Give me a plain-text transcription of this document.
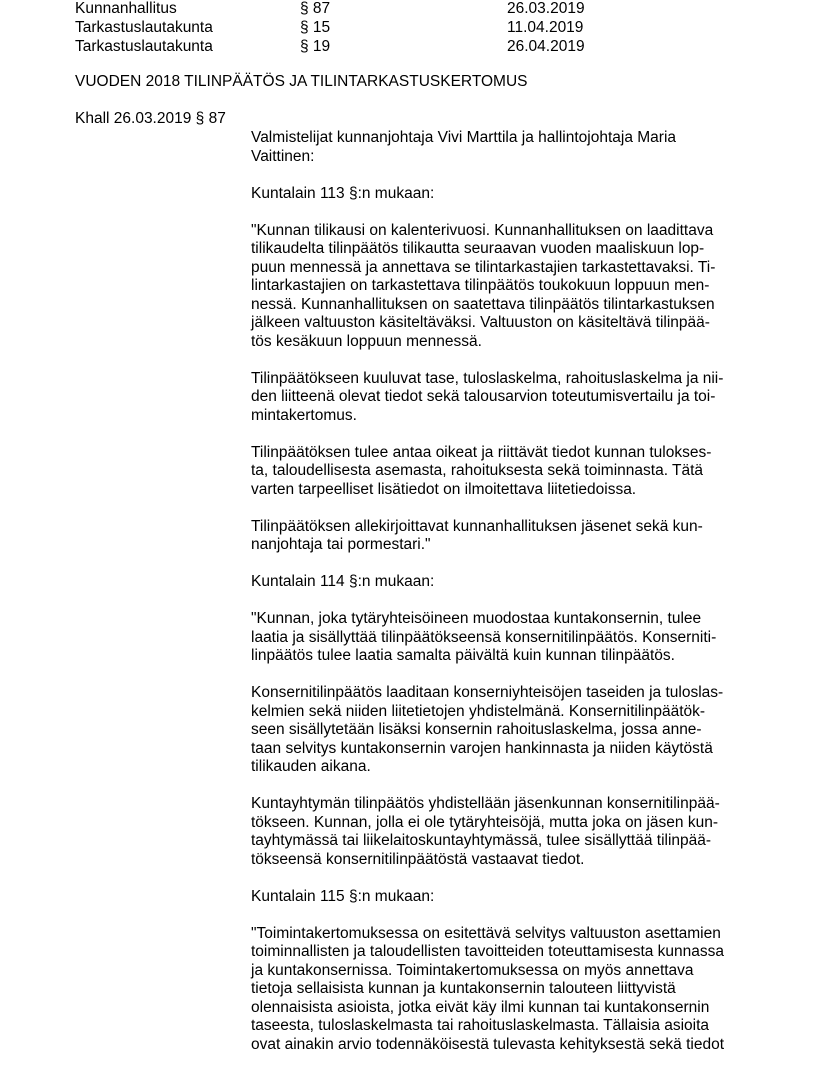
Kunnanhallitus	§ 87	26.03.2019
Tarkastuslautakunta	§ 15	11.04.2019
Tarkastuslautakunta	§ 19	26.04.2019
VUODEN 2018 TILINPÄÄTÖS JA TILINTARKASTUSKERTOMUS
Khall 26.03.2019 § 87
Valmistelijat kunnanjohtaja Vivi Marttila ja hallintojohtaja Maria
Vaittinen:
Kuntalain 113 §:n mukaan:
"Kunnan tilikausi on kalenterivuosi. Kunnanhallituksen on laadittava
tilikaudelta tilinpäätös tilikautta seuraavan vuoden maaliskuun lop-
puun mennessä ja annettava se tilintarkastajien tarkastettavaksi. Ti-
lintarkastajien on tarkastettava tilinpäätös toukokuun loppuun men-
nessä. Kunnanhallituksen on saatettava tilinpäätös tilintarkastuksen
jälkeen valtuuston käsiteltäväksi. Valtuuston on käsiteltävä tilinpää-
tös kesäkuun loppuun mennessä.
Tilinpäätökseen kuuluvat tase, tuloslaskelma, rahoituslaskelma ja nii-
den liitteenä olevat tiedot sekä talousarvion toteutumisvertailu ja toi-
mintakertomus.
Tilinpäätöksen tulee antaa oikeat ja riittävät tiedot kunnan tulokses-
ta, taloudellisesta asemasta, rahoituksesta sekä toiminnasta. Tätä
varten tarpeelliset lisätiedot on ilmoitettava liitetiedoissa.
Tilinpäätöksen allekirjoittavat kunnanhallituksen jäsenet sekä kun-
nanjohtaja tai pormestari."
Kuntalain 114 §:n mukaan:
"Kunnan, joka tytäryhteisöineen muodostaa kuntakonsernin, tulee
laatia ja sisällyttää tilinpäätökseensä konsernitilinpäätös. Konserniti-
linpäätös tulee laatia samalta päivältä kuin kunnan tilinpäätös.
Konsernitilinpäätös laaditaan konserniyhteisöjen taseiden ja tuloslas-
kelmien sekä niiden liitetietojen yhdistelmänä. Konsernitilinpäätök-
seen sisällytetään lisäksi konsernin rahoituslaskelma, jossa anne-
taan selvitys kuntakonsernin varojen hankinnasta ja niiden käytöstä
tilikauden aikana.
Kuntayhtymän tilinpäätös yhdistellään jäsenkunnan konsernitilinpää-
tökseen. Kunnan, jolla ei ole tytäryhteisöjä, mutta joka on jäsen kun-
tayhtymässä tai liikelaitoskuntayhtymässä, tulee sisällyttää tilinpää-
tökseensä konsernitilinpäätöstä vastaavat tiedot.
Kuntalain 115 §:n mukaan:
"Toimintakertomuksessa on esitettävä selvitys valtuuston asettamien
toiminnallisten ja taloudellisten tavoitteiden toteuttamisesta kunnassa
ja kuntakonsernissa. Toimintakertomuksessa on myös annettava
tietoja sellaisista kunnan ja kuntakonsernin talouteen liittyvistä
olennaisista asioista, jotka eivät käy ilmi kunnan tai kuntakonsernin
taseesta, tuloslaskelmasta tai rahoituslaskelmasta. Tällaisia asioita
ovat ainakin arvio todennäköisestä tulevasta kehityksestä sekä tiedot
